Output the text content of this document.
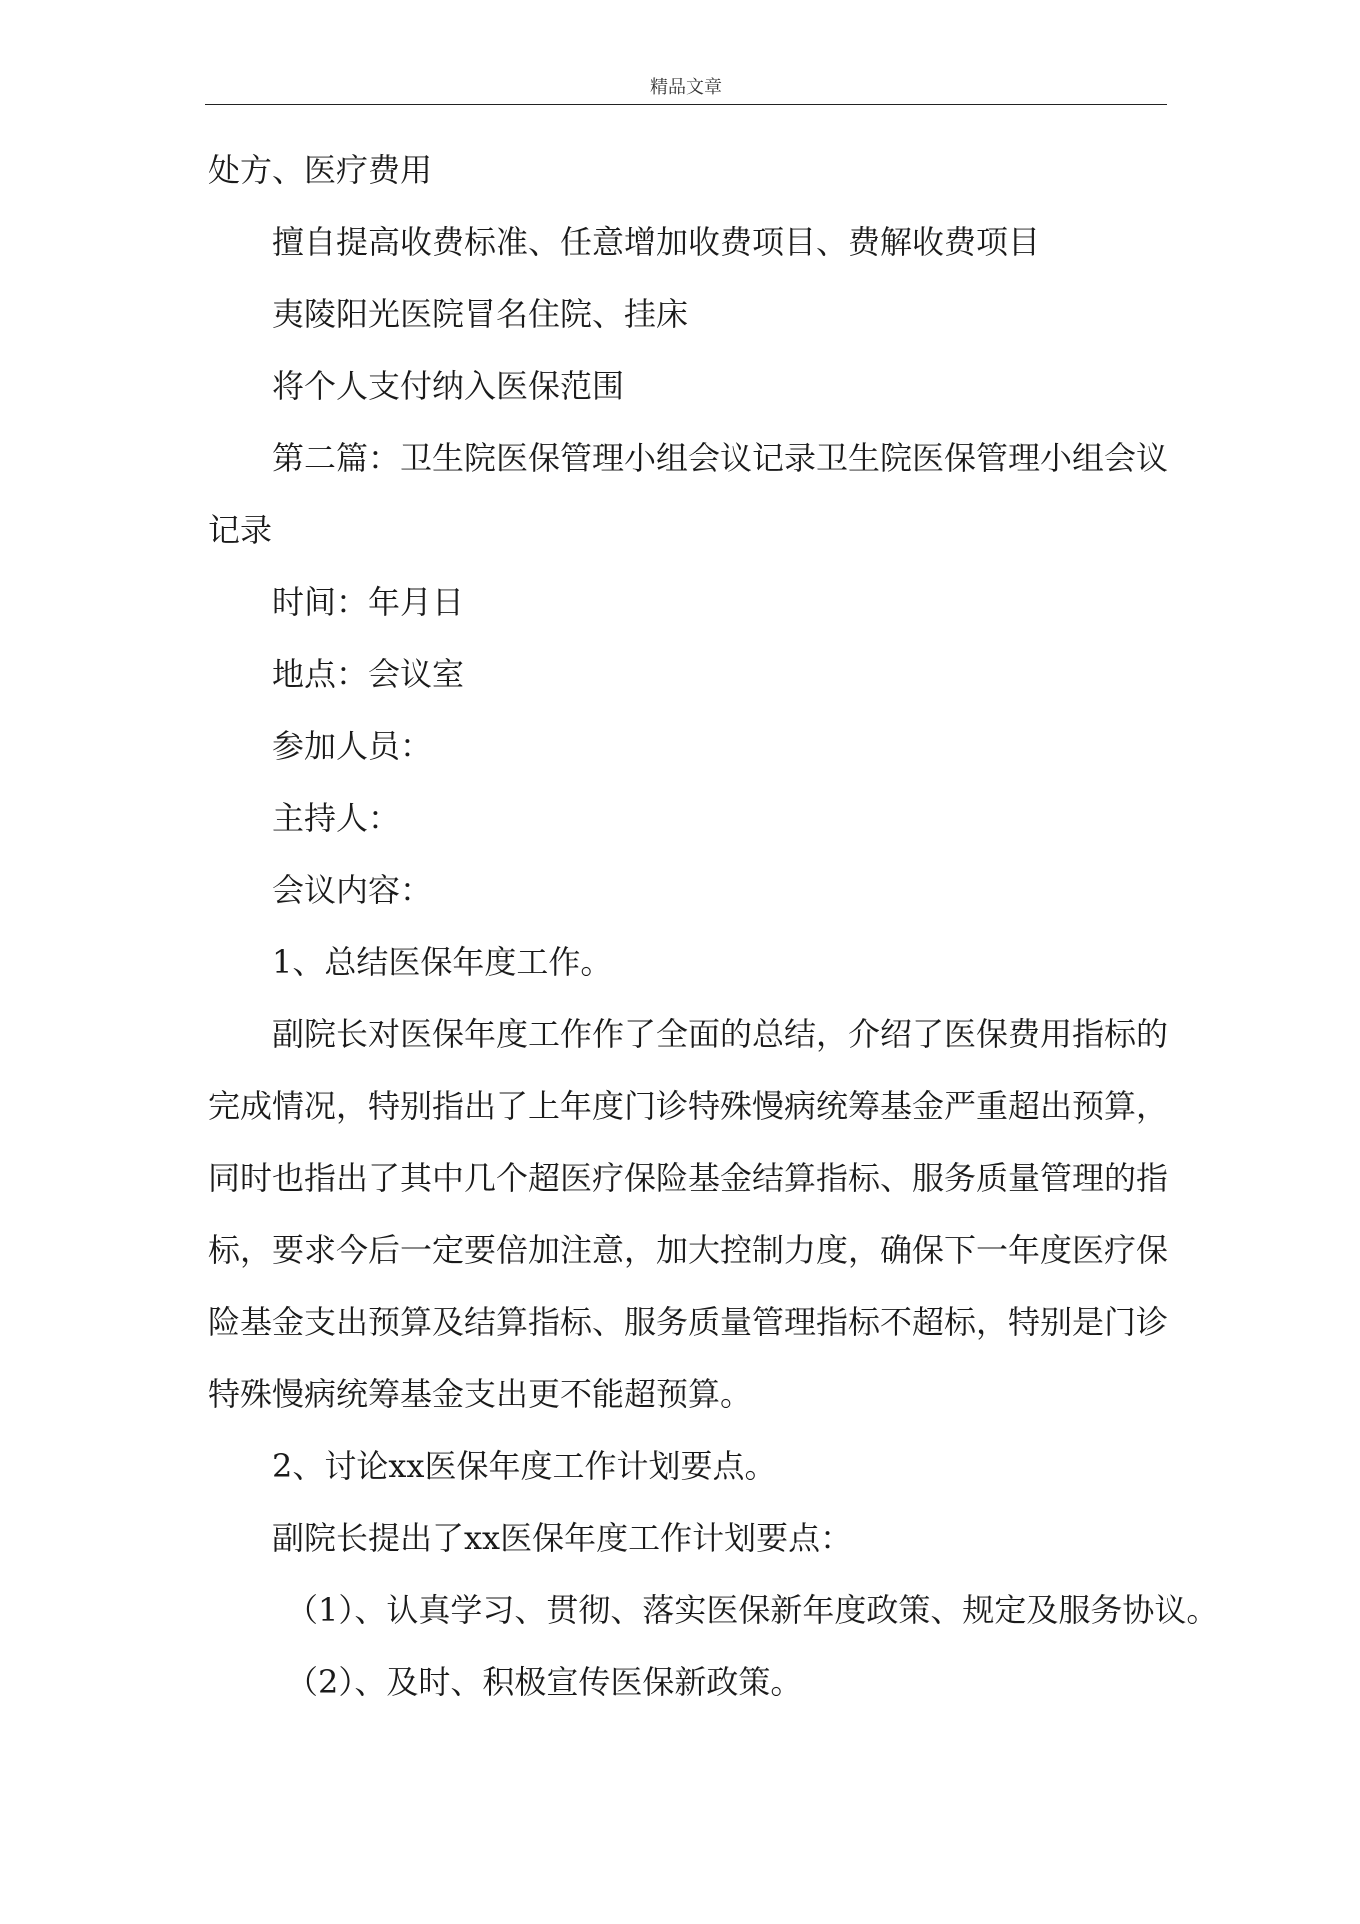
精品文章
处方、医疗费用
擅自提高收费标准、任意增加收费项目、费解收费项目
夷陵阳光医院冒名住院、挂床
将个人支付纳入医保范围
第二篇：卫生院医保管理小组会议记录卫生院医保管理小组会议
记录
时间：年月日
地点：会议室
参加人员：
主持人：
会议内容：
1、总结医保年度工作。
副院长对医保年度工作作了全面的总结，介绍了医保费用指标的
完成情况，特别指出了上年度门诊特殊慢病统筹基金严重超出预算，
同时也指出了其中几个超医疗保险基金结算指标、服务质量管理的指
标，要求今后一定要倍加注意，加大控制力度，确保下一年度医疗保
险基金支出预算及结算指标、服务质量管理指标不超标，特别是门诊
特殊慢病统筹基金支出更不能超预算。
2、讨论xx医保年度工作计划要点。
副院长提出了xx医保年度工作计划要点：
（1）、认真学习、贯彻、落实医保新年度政策、规定及服务协议。
（2）、及时、积极宣传医保新政策。
